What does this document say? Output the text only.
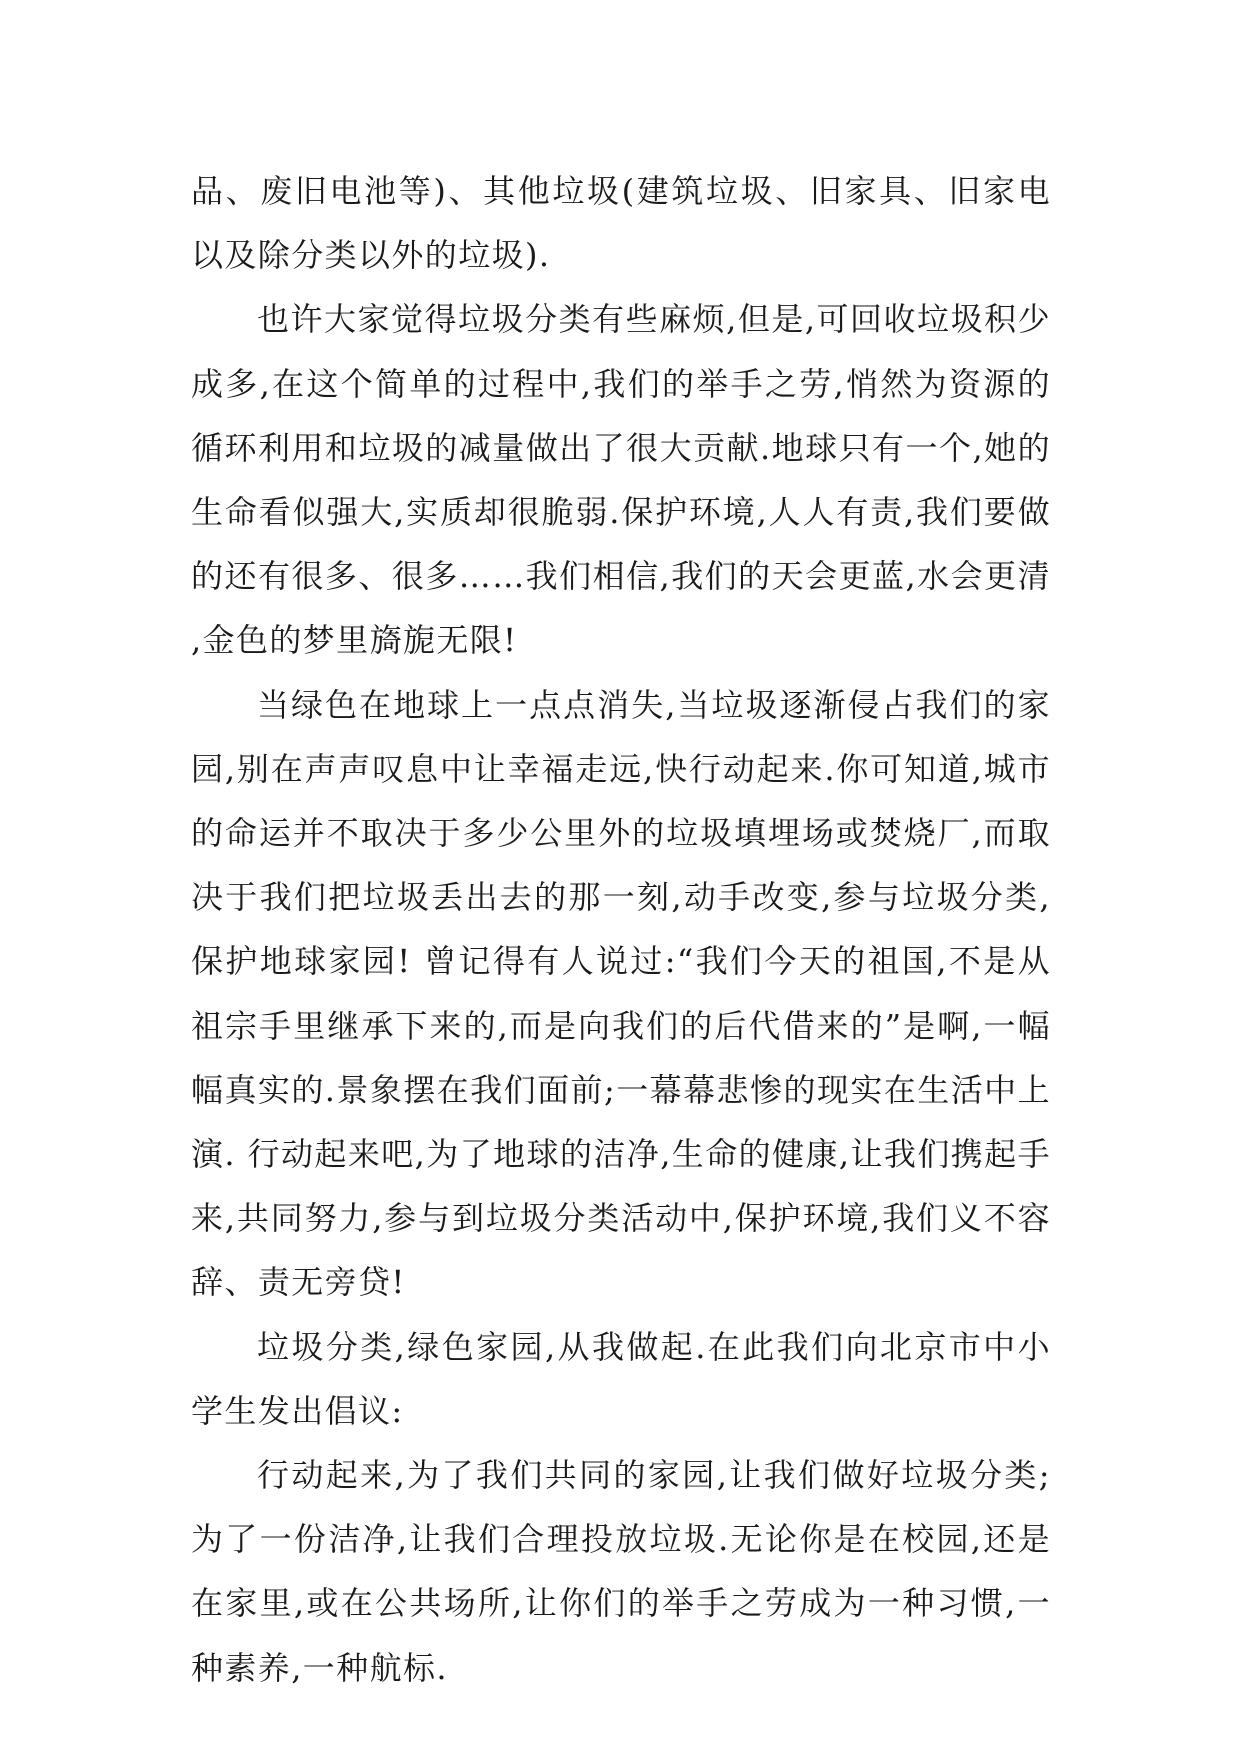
品、废旧电池等)、其他垃圾(建筑垃圾、旧家具、旧家电以及除分类以外的垃圾).

也许大家觉得垃圾分类有些麻烦,但是,可回收垃圾积少成多,在这个简单的过程中,我们的举手之劳,悄然为资源的循环利用和垃圾的减量做出了很大贡献.地球只有一个,她的生命看似强大,实质却很脆弱.保护环境,人人有责,我们要做的还有很多、很多……我们相信,我们的天会更蓝,水会更清,金色的梦里旖旎无限!

当绿色在地球上一点点消失,当垃圾逐渐侵占我们的家园,别在声声叹息中让幸福走远,快行动起来.你可知道,城市的命运并不取决于多少公里外的垃圾填埋场或焚烧厂,而取决于我们把垃圾丢出去的那一刻,动手改变,参与垃圾分类,保护地球家园! 曾记得有人说过:“我们今天的祖国,不是从祖宗手里继承下来的,而是向我们的后代借来的”是啊,一幅幅真实的.景象摆在我们面前;一幕幕悲惨的现实在生活中上演. 行动起来吧,为了地球的洁净,生命的健康,让我们携起手来,共同努力,参与到垃圾分类活动中,保护环境,我们义不容辞、责无旁贷!

垃圾分类,绿色家园,从我做起.在此我们向北京市中小学生发出倡议:

行动起来,为了我们共同的家园,让我们做好垃圾分类;为了一份洁净,让我们合理投放垃圾.无论你是在校园,还是在家里,或在公共场所,让你们的举手之劳成为一种习惯,一种素养,一种航标.
